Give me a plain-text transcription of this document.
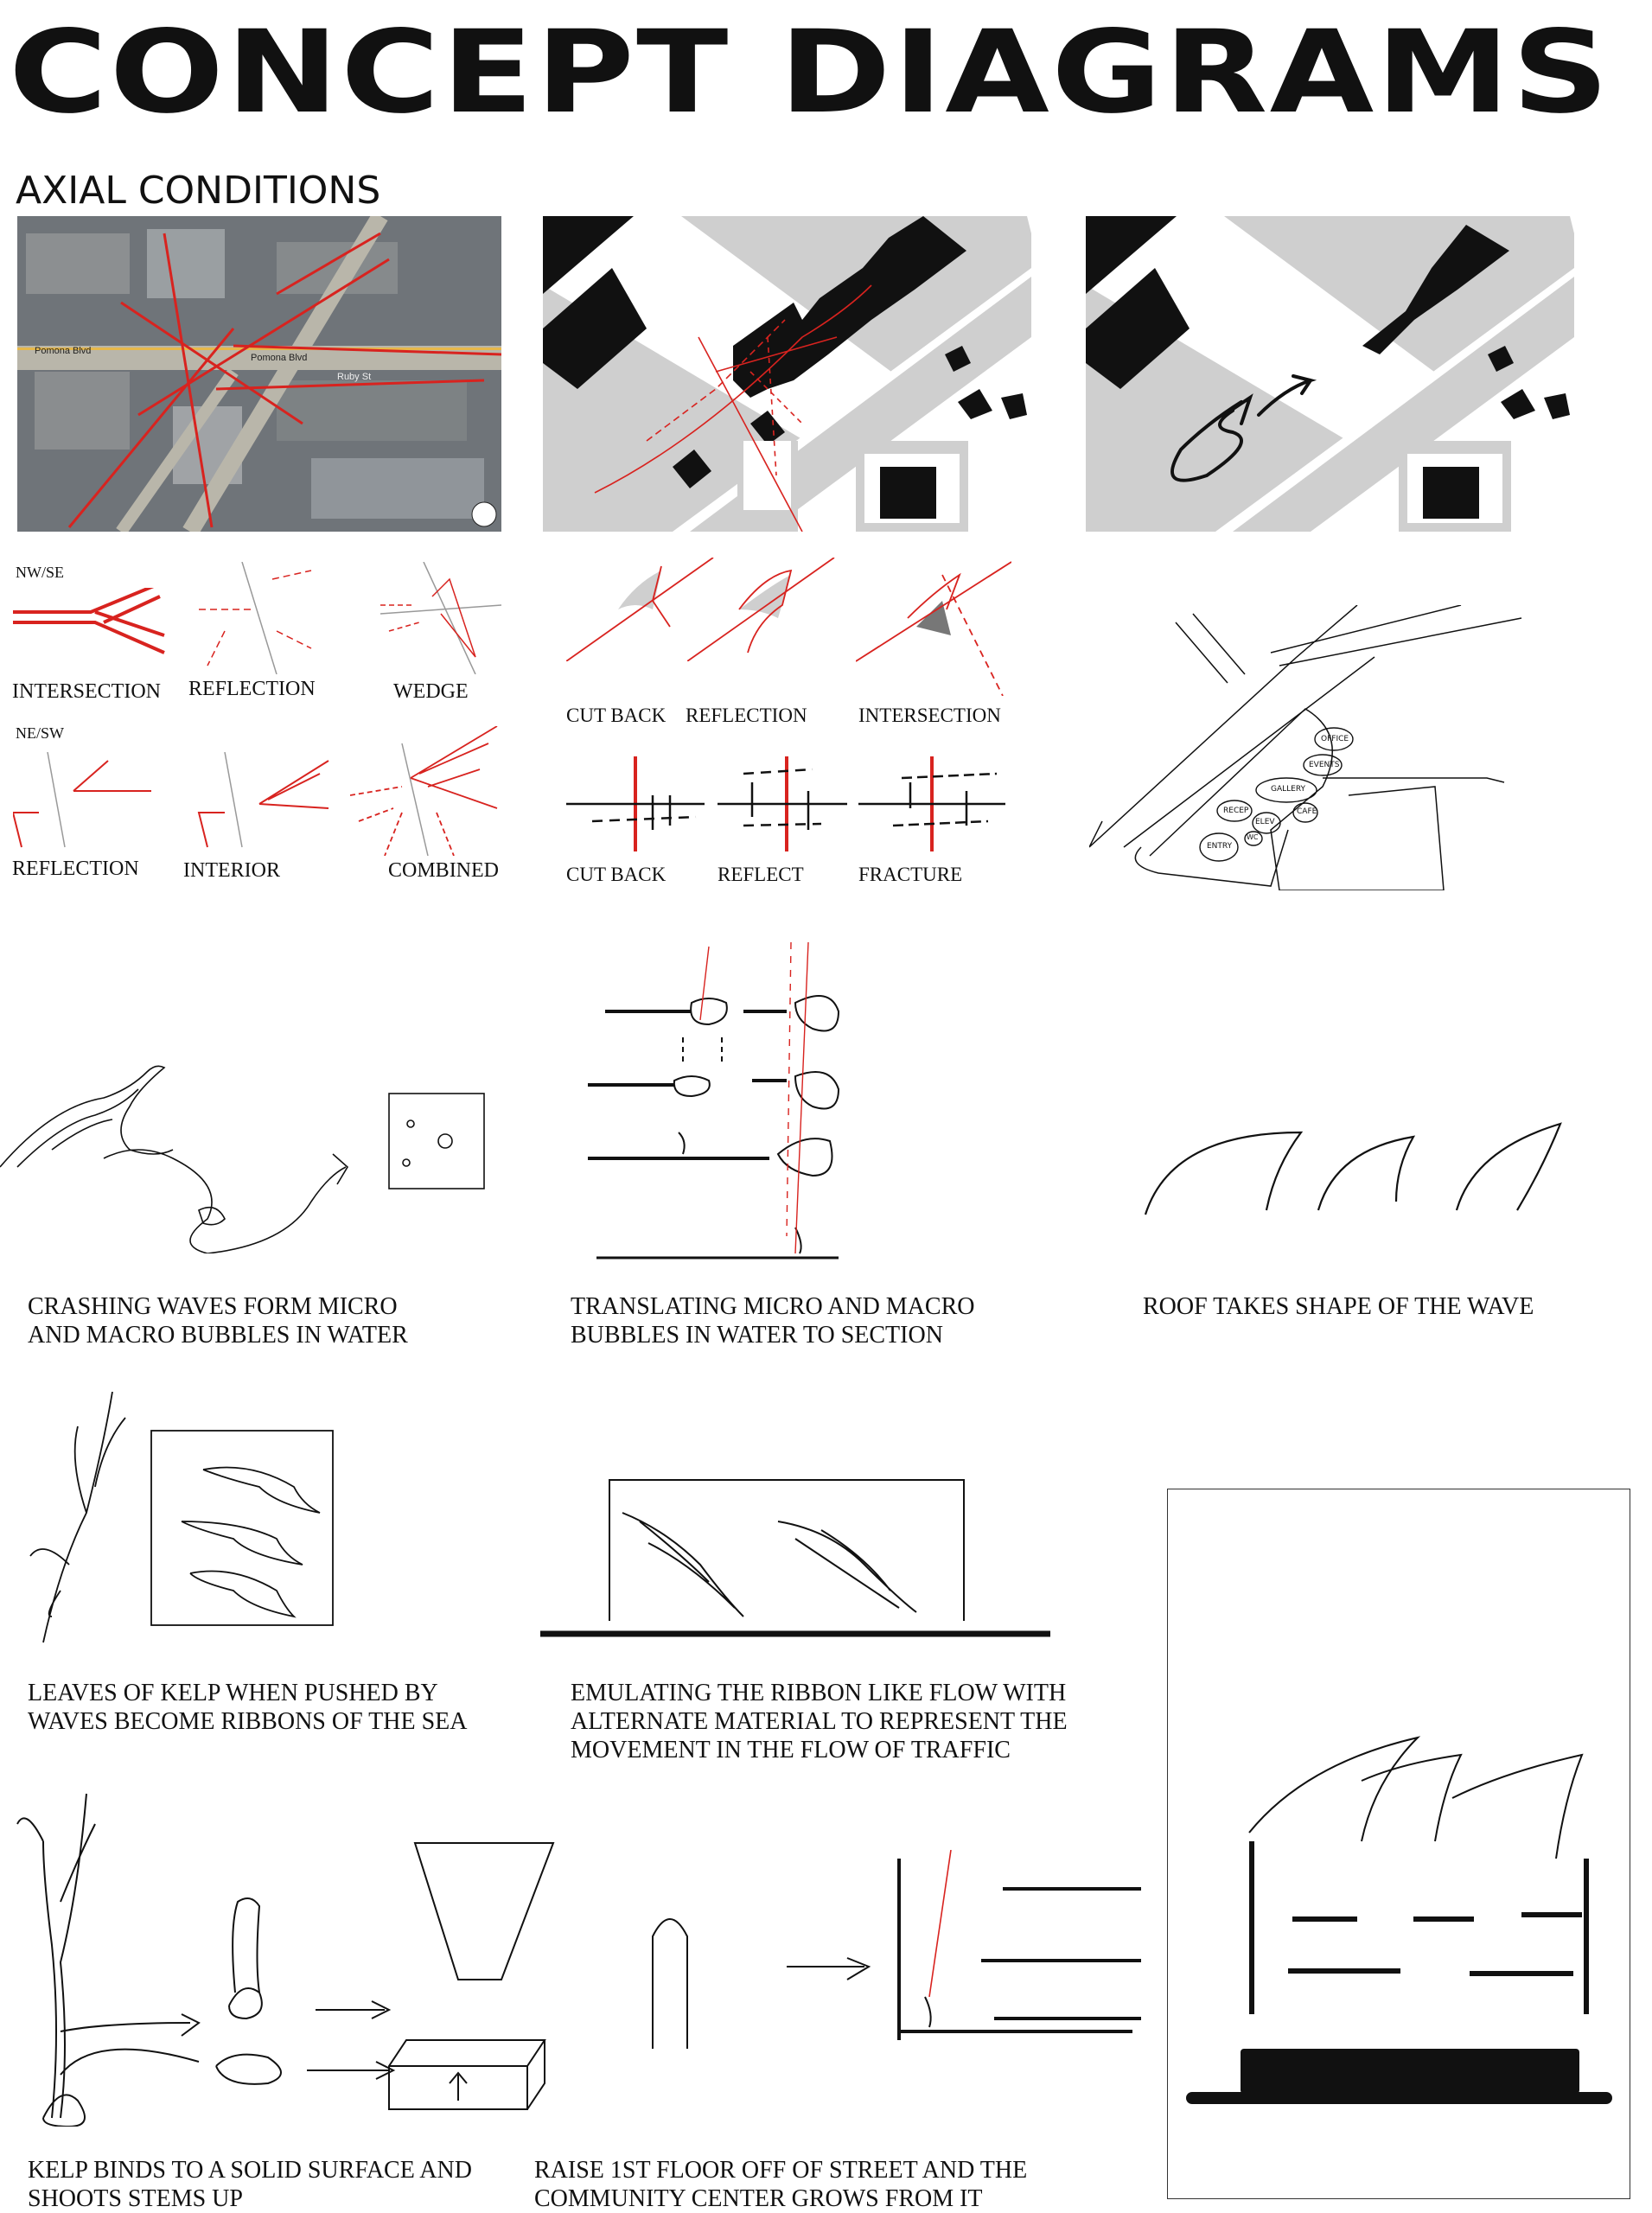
CONCEPT DIAGRAMS
AXIAL CONDITIONS
Pomona Blvd
Pomona Blvd
Ruby St
NW/SE
NE/SW
INTERSECTION REFLECTION	WEDGE
REFLECTION INTERIOR	COMBINED
CUT BACK REFLECTION	INTERSECTION
CUT BACK	REFLECT	FRACTURE
ENTRY
RECEP
GALLERY
EVENTS
OFFICE
ELEV
CAFE
WC
CRASHING WAVES FORM MICRO
AND MACRO BUBBLES IN WATER
TRANSLATING MICRO AND MACRO
BUBBLES IN WATER TO SECTION
ROOF TAKES SHAPE OF THE WAVE
LEAVES OF KELP WHEN PUSHED BY
WAVES BECOME RIBBONS OF THE SEA
EMULATING THE RIBBON LIKE FLOW WITH
ALTERNATE MATERIAL TO REPRESENT THE
MOVEMENT IN THE FLOW OF TRAFFIC
KELP BINDS TO A SOLID SURFACE AND
SHOOTS STEMS UP
RAISE 1ST FLOOR OFF OF STREET AND THE
COMMUNITY CENTER GROWS FROM IT
